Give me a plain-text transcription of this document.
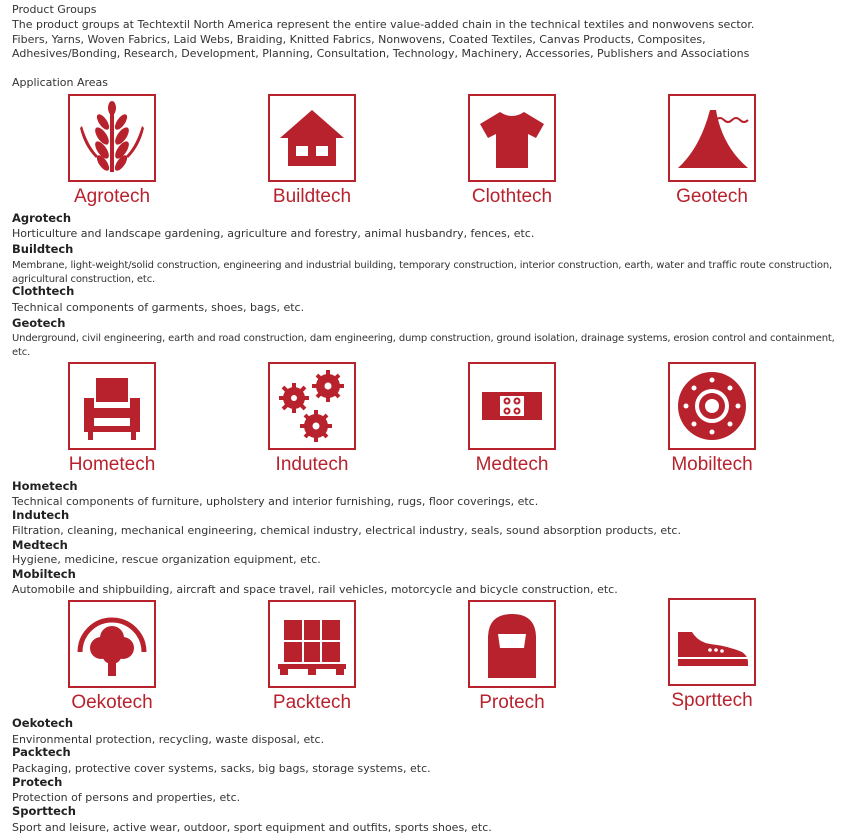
Product Groups
The product groups at Techtextil North America represent the entire value-added chain in the technical textiles and nonwovens sector.
Fibers, Yarns, Woven Fabrics, Laid Webs, Braiding, Knitted Fabrics, Nonwovens, Coated Textiles, Canvas Products, Composites,
Adhesives/Bonding, Research, Development, Planning, Consultation, Technology, Machinery, Accessories, Publishers and Associations
Application Areas
Agrotech	Buildtech	Clothtech	Geotech
Agrotech
Horticulture and landscape gardening, agriculture and forestry, animal husbandry, fences, etc.
Buildtech
Membrane, light-weight/solid construction, engineering and industrial building, temporary construction, interior construction, earth, water and traffic route construction,
agricultural construction, etc.
Clothtech
Technical components of garments, shoes, bags, etc.
Geotech
Underground, civil engineering, earth and road construction, dam engineering, dump construction, ground isolation, drainage systems, erosion control and containment,
etc.
Hometech	Indutech	Medtech	Mobiltech
Hometech
Technical components of furniture, upholstery and interior furnishing, rugs, floor coverings, etc.
Indutech
Filtration, cleaning, mechanical engineering, chemical industry, electrical industry, seals, sound absorption products, etc.
Medtech
Hygiene, medicine, rescue organization equipment, etc.
Mobiltech
Automobile and shipbuilding, aircraft and space travel, rail vehicles, motorcycle and bicycle construction, etc.
Oekotech	Packtech	Protech	Sporttech
Oekotech
Environmental protection, recycling, waste disposal, etc.
Packtech
Packaging, protective cover systems, sacks, big bags, storage systems, etc.
Protech
Protection of persons and properties, etc.
Sporttech
Sport and leisure, active wear, outdoor, sport equipment and outfits, sports shoes, etc.
